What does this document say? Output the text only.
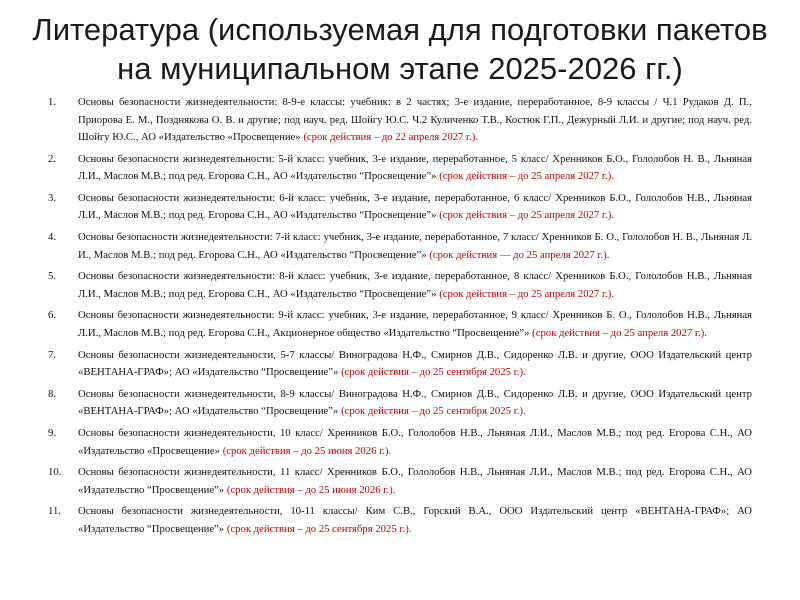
Литература (используемая для подготовки пакетов
на муниципальном этапе 2025-2026 гг.)
1. Основы безопасности жизнедеятельности: 8-9-е классы: учебник: в 2 частях; 3-е издание, переработанное, 8-9 классы / Ч.1 Рудаков Д. П., Приорова Е. М., Позднякова О. В. и другие; под науч. ред. Шойгу Ю.С. Ч.2 Куличенко Т.В., Костюк Г.П., Дежурный Л.И. и другие; под науч. ред. Шойгу Ю.С., АО «Издательство «Просвещение» (срок действия – до 22 апреля 2027 г.).
2. Основы безопасности жизнедеятельности: 5-й класс: учебник, 3-е издание, переработанное, 5 класс/ Хренников Б.О., Гололобов Н. В., Льняная Л.И., Маслов М.В.; под ред. Егорова С.Н., АО «Издательство “Просвещение”» (срок действия – до 25 апреля 2027 г.).
3. Основы безопасности жизнедеятельности: 6-й класс: учебник, 3-е издание, переработанное, 6 класс/ Хренников Б.О., Гололобов Н.В., Льняная Л.И., Маслов М.В.; под ред. Егорова С.Н., АО «Издательство “Просвещение”» (срок действия – до 25 апреля 2027 г.).
4. Основы безопасности жизнедеятельности: 7-й класс: учебник, 3-е издание, переработанное, 7 класс/ Хренников Б. О., Гололобов Н. В., Льняная Л. И., Маслов М.В.; под ред. Егорова С.Н., АО «Издательство “Просвещение”» (срок действия — до 25 апреля 2027 г.).
5. Основы безопасности жизнедеятельности: 8-й класс: учебник, 3-е издание, переработанное, 8 класс/ Хренников Б.О., Гололобов Н.В., Льняная Л.И., Маслов М.В.; под ред. Егорова С.Н., АО «Издательство “Просвещение”» (срок действия – до 25 апреля 2027 г.).
6. Основы безопасности жизнедеятельности: 9-й класс: учебник, 3-е издание, переработанное, 9 класс/ Хренников Б. О., Гололобов Н.В., Льняная Л.И., Маслов М.В.; под ред. Егорова С.Н., Акционерное общество «Издательство “Просвещение”» (срок действия – до 25 апреля 2027 г.).
7. Основы безопасности жизнедеятельности, 5-7 классы/ Виноградова Н.Ф., Смирнов Д.В., Сидоренко Л.В. и другие, ООО Издательский центр «ВЕНТАНА-ГРАФ»; АО «Издательство “Просвещение”» (срок действия – до 25 сентября 2025 г.).
8. Основы безопасности жизнедеятельности, 8-9 классы/ Виноградова Н.Ф., Смирнов Д.В., Сидоренко Л.В. и другие, ООО Издательский центр «ВЕНТАНА-ГРАФ»; АО «Издательство “Просвещение”» (срок действия – до 25 сентября 2025 г.).
9. Основы безопасности жизнедеятельности, 10 класс/ Хренников Б.О., Гололобов Н.В., Льняная Л.И., Маслов М.В.; под ред. Егорова С.Н., АО «Издательство «Просвещение» (срок действия – до 25 июня 2026 г.).
10. Основы безопасности жизнедеятельности, 11 класс/ Хренников Б.О., Гололобов Н.В., Льняная Л.И., Маслов М.В.; под ред. Егорова С.Н., АО «Издательство “Просвещение”» (срок действия – до 25 июня 2026 г.).
11. Основы безопасности жизнедеятельности, 10-11 классы/ Ким С.В., Горский В.А., ООО Издательский центр «ВЕНТАНА-ГРАФ»; АО «Издательство “Просвещение”» (срок действия – до 25 сентября 2025 г.).
